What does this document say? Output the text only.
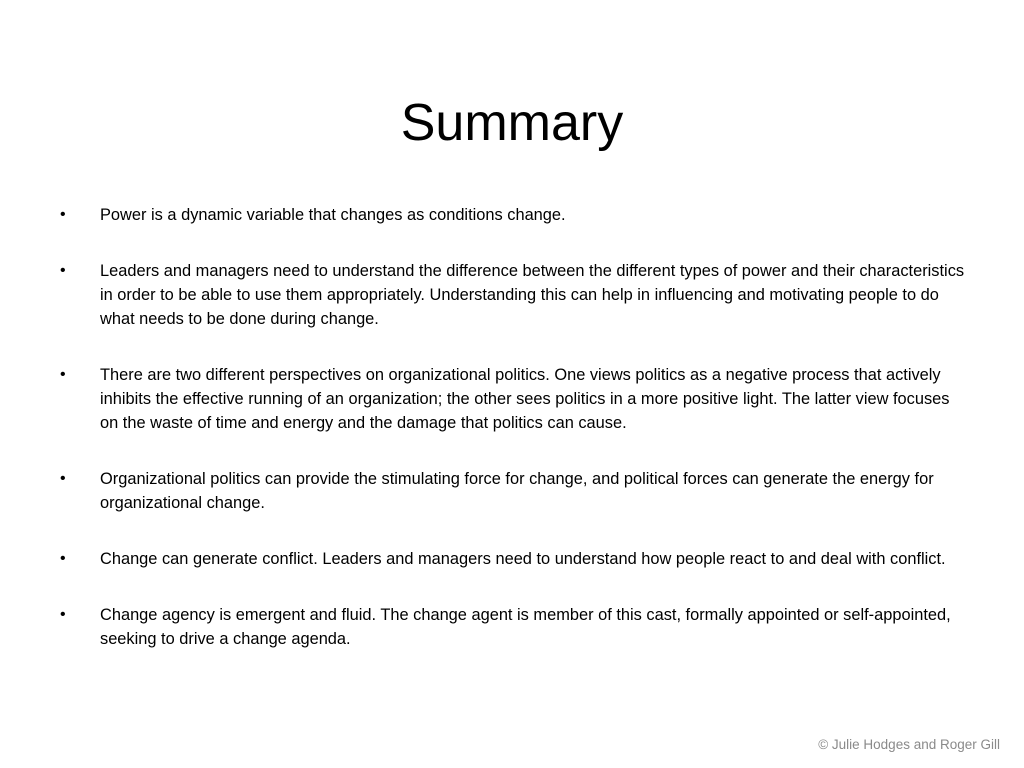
Summary
•	Power is a dynamic variable that changes as conditions change.
•	Leaders and managers need to understand the difference between the different types of power and their characteristics in order to be able to use them appropriately. Understanding this can help in influencing and motivating people to do what needs to be done during change.
•	There are two different perspectives on organizational politics. One views politics as a negative process that actively inhibits the effective running of an organization; the other sees politics in a more positive light. The latter view focuses on the waste of time and energy and the damage that politics can cause.
•	Organizational politics can provide the stimulating force for change, and political forces can generate the energy for organizational change.
•	Change can generate conflict. Leaders and managers need to understand how people react to and deal with conflict.
•	Change agency is emergent and fluid. The change agent is member of this cast, formally appointed or self-appointed, seeking to drive a change agenda.
© Julie Hodges and Roger Gill
